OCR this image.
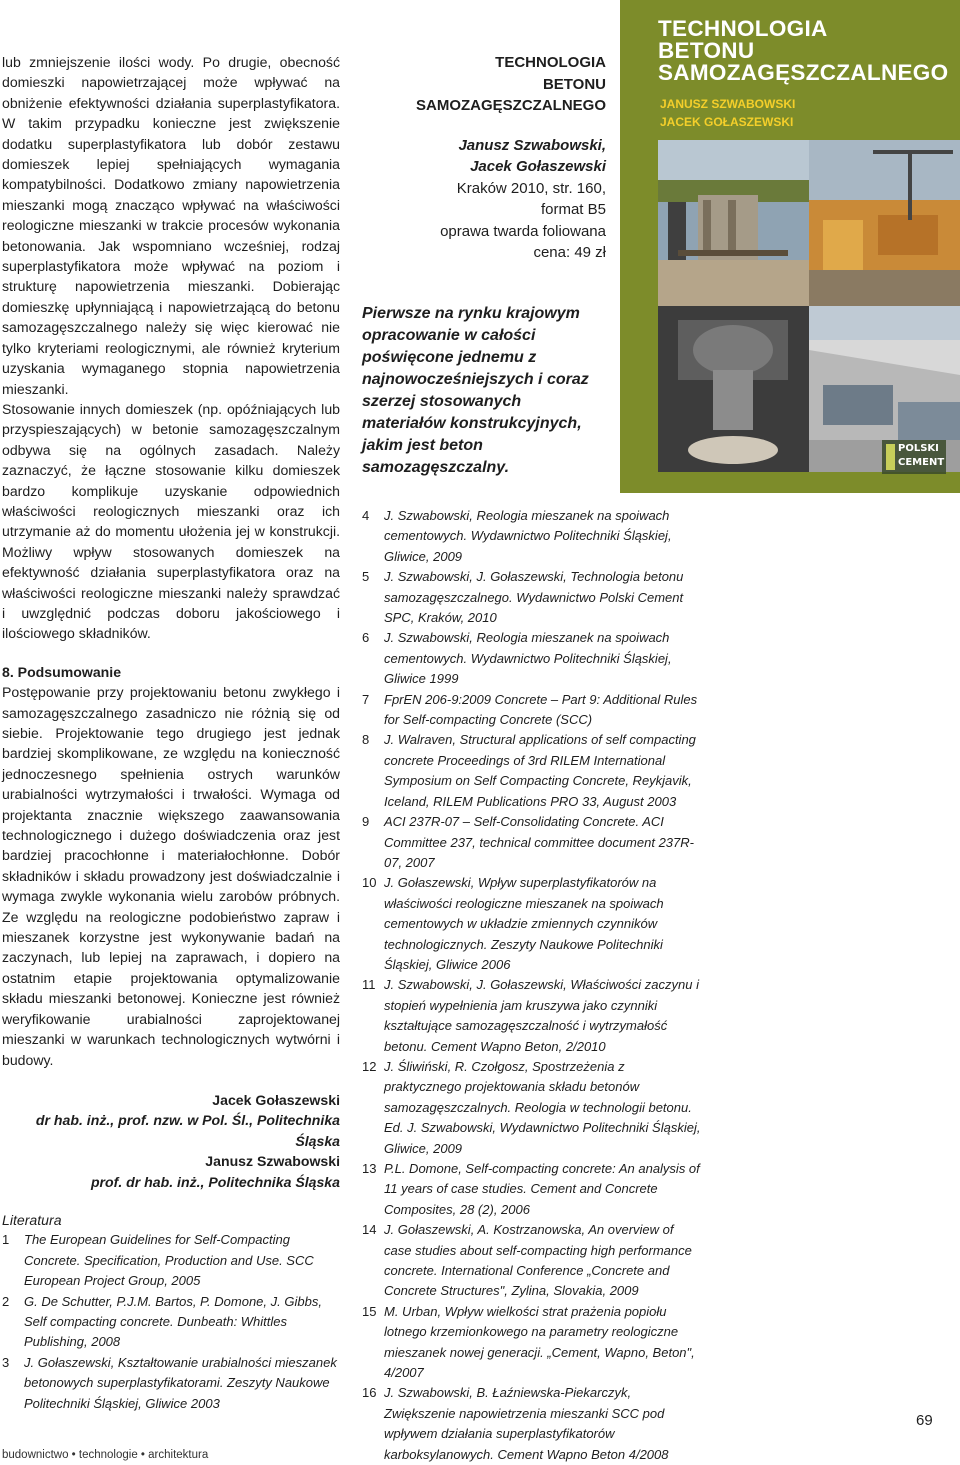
lub zmniejszenie ilości wody. Po drugie, obecność domieszki napowietrzającej może wpływać na obniżenie efektywności działania superplastyfikatora. W takim przypadku konieczne jest zwiększenie dodatku superplastyfikatora lub dobór zestawu domieszek lepiej spełniających wymagania kompatybilności. Dodatkowo zmiany napowietrzenia mieszanki mogą znacząco wpływać na właściwości reologiczne mieszanki w trakcie procesów wykonania betonowania. Jak wspomniano wcześniej, rodzaj superplastyfikatora może wpływać na poziom i strukturę napowietrzenia mieszanki. Dobierając domieszkę upłynniającą i napowietrzającą do betonu samozagęszczalnego należy się więc kierować nie tylko kryteriami reologicznymi, ale również kryterium uzyskania wymaganego stopnia napowietrzenia mieszanki.

Stosowanie innych domieszek (np. opóźniających lub przyspieszających) w betonie samozagęszczalnym odbywa się na ogólnych zasadach. Należy zaznaczyć, że łączne stosowanie kilku domieszek bardzo komplikuje uzyskanie odpowiednich właściwości reologicznych mieszanki oraz ich utrzymanie aż do momentu ułożenia jej w konstrukcji. Możliwy wpływ stosowanych domieszek na efektywność działania superplastyfikatora oraz na właściwości reologiczne mieszanki należy sprawdzać i uwzględnić podczas doboru jakościowego i ilościowego składników.

8. Podsumowanie

Postępowanie przy projektowaniu betonu zwykłego i samozagęszczalnego zasadniczo nie różnią się od siebie. Projektowanie tego drugiego jest jednak bardziej skomplikowane, ze względu na konieczność jednoczesnego spełnienia ostrych warunków urabialności wytrzymałości i trwałości. Wymaga od projektanta znacznie większego zaawansowania technologicznego i dużego doświadczenia oraz jest bardziej pracochłonne i materiałochłonne. Dobór składników i składu prowadzony jest doświadczalnie i wymaga zwykle wykonania wielu zarobów próbnych. Ze względu na reologiczne podobieństwo zapraw i mieszanek korzystne jest wykonywanie badań na zaczynach, lub lepiej na zaprawach, i dopiero na ostatnim etapie projektowania optymalizowanie składu mieszanki betonowej. Konieczne jest również weryfikowanie urabialności zaprojektowanej mieszanki w warunkach technologicznych wytwórni i budowy.

Jacek Gołaszewski
dr hab. inż., prof. nzw. w Pol. Śl., Politechnika Śląska
Janusz Szwabowski
prof. dr hab. inż., Politechnika Śląska
Literatura
1	The European Guidelines for Self-Compacting Concrete. Specification, Production and Use. SCC European Project Group, 2005
2	G. De Schutter, P.J.M. Bartos, P. Domone, J. Gibbs, Self compacting concrete. Dunbeath: Whittles Publishing, 2008
3	J. Gołaszewski, Kształtowanie urabialności mieszanek betonowych superplastyfikatorami. Zeszyty Naukowe Politechniki Śląskiej, Gliwice 2003
TECHNOLOGIA
BETONU
SAMOZAGĘSZCZALNEGO
Janusz Szwabowski,
Jacek Gołaszewski
Kraków 2010, str. 160,
format B5
oprawa twarda foliowana
cena: 49 zł
Pierwsze na rynku krajowym opracowanie w całości poświęcone jednemu z najnowocześniejszych i coraz szerzej stosowanych materiałów konstrukcyjnych, jakim jest beton samozagęszczalny.
TECHNOLOGIA
BETONU
SAMOZAGĘSZCZALNEGO
JANUSZ SZWABOWSKI
JACEK GOŁASZEWSKI
POLSKI
CEMENT
4	J. Szwabowski, Reologia mieszanek na spoiwach cementowych. Wydawnictwo Politechniki Śląskiej, Gliwice, 2009
5	J. Szwabowski, J. Gołaszewski, Technologia betonu samozagęszczalnego. Wydawnictwo Polski Cement SPC, Kraków, 2010
6	J. Szwabowski, Reologia mieszanek na spoiwach cementowych. Wydawnictwo Politechniki Śląskiej, Gliwice 1999
7	FprEN 206-9:2009 Concrete – Part 9: Additional Rules for Self-compacting Concrete (SCC)
8	J. Walraven, Structural applications of self compacting concrete Proceedings of 3rd RILEM International Symposium on Self Compacting Concrete, Reykjavik, Iceland, RILEM Publications PRO 33, August 2003
9	ACI 237R-07 – Self-Consolidating Concrete. ACI Committee 237, technical committee document 237R-07, 2007
10 J. Gołaszewski, Wpływ superplastyfikatorów na właściwości reologiczne mieszanek na spoiwach cementowych w układzie zmiennych czynników technologicznych. Zeszyty Naukowe Politechniki Śląskiej, Gliwice 2006
11 J. Szwabowski, J. Gołaszewski, Właściwości zaczynu i stopień wypełnienia jam kruszywa jako czynniki kształtujące samozagęszczalność i wytrzymałość betonu. Cement Wapno Beton, 2/2010
12 J. Śliwiński, R. Czołgosz, Spostrzeżenia z praktycznego projektowania składu betonów samozagęszczalnych. Reologia w technologii betonu. Ed. J. Szwabowski, Wydawnictwo Politechniki Śląskiej, Gliwice, 2009
13 P.L. Domone, Self-compacting concrete: An analysis of 11 years of case studies. Cement and Concrete Composites, 28 (2), 2006
14 J. Gołaszewski, A. Kostrzanowska, An overview of case studies about self-compacting high performance concrete. International Conference „Concrete and Concrete Structures", Zylina, Slovakia, 2009
15 M. Urban, Wpływ wielkości strat prażenia popiołu lotnego krzemionkowego na parametry reologiczne mieszanek nowej generacji. „Cement, Wapno, Beton", 4/2007
16 J. Szwabowski, B. Łaźniewska-Piekarczyk, Zwiększenie napowietrzenia mieszanki SCC pod wpływem działania superplastyfikatorów karboksylanowych. Cement Wapno Beton 4/2008
69
budownictwo • technologie • architektura
